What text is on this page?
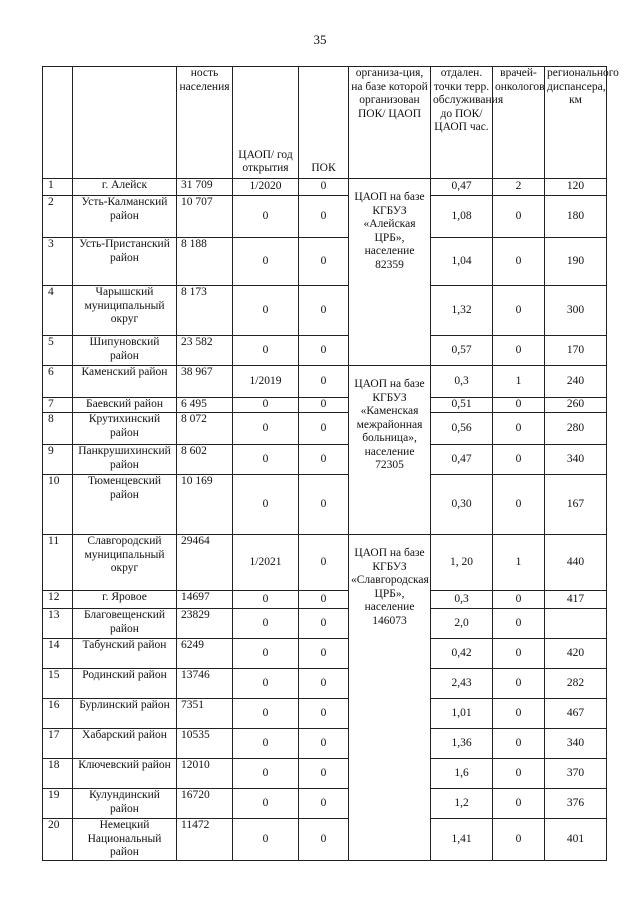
35
		ность населения	ЦАОП/ год открытия	ПОК	организа-ция, на базе которой организован ПОК/ ЦАОП	отдален. точки терр. обслуживания до ПОК/ЦАОП час.	врачей-онкологов	регионального диспансера, км
1	г. Алейск	31 709	1/2020	0	ЦАОП на базе КГБУЗ «Алейская ЦРБ», население 82359	0,47	2	120
2	Усть-Калманский район	10 707	0	0		1,08	0	180
3	Усть-Пристанский район	8 188	0	0		1,04	0	190
4	Чарышский муниципальный округ	8 173	0	0		1,32	0	300
5	Шипуновский район	23 582	0	0		0,57	0	170
6	Каменский район	38 967	1/2019	0	ЦАОП на базе КГБУЗ «Каменская межрайонная больница», население 72305	0,3	1	240
7	Баевский район	6 495	0	0		0,51	0	260
8	Крутихинский район	8 072	0	0		0,56	0	280
9	Панкрушихинский район	8 602	0	0		0,47	0	340
10	Тюменцевский район	10 169	0	0		0,30	0	167
11	Славгородский муниципальный округ	29464	1/2021	0	ЦАОП на базе КГБУЗ «Славгородская ЦРБ», население 146073	1, 20	1	440
12	г. Яровое	14697	0	0		0,3	0	417
13	Благовещенский район	23829	0	0		2,0	0	
14	Табунский район	6249	0	0		0,42	0	420
15	Родинский район	13746	0	0		2,43	0	282
16	Бурлинский район	7351	0	0		1,01	0	467
17	Хабарский район	10535	0	0		1,36	0	340
18	Ключевский район	12010	0	0		1,6	0	370
19	Кулундинский район	16720	0	0		1,2	0	376
20	Немецкий Национальный район	11472	0	0		1,41	0	401
